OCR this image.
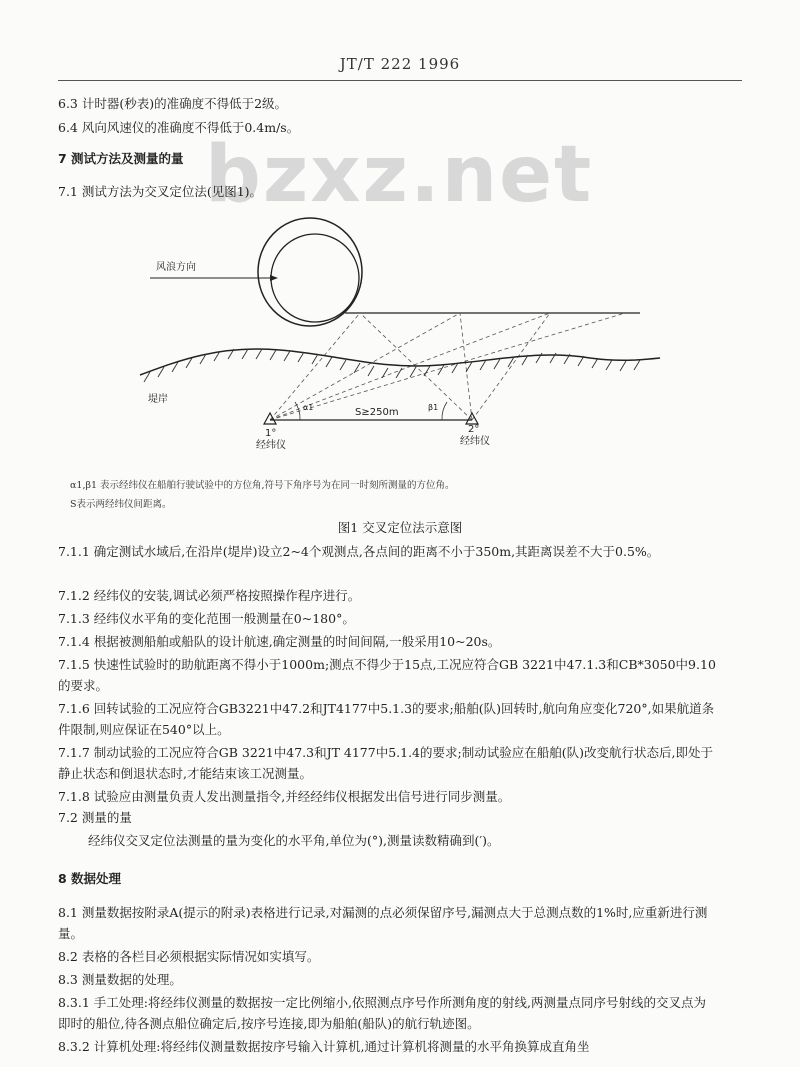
JT/T 222 1996
bzxz.net
6.3 计时器(秒表)的准确度不得低于2级。
6.4 风向风速仪的准确度不得低于0.4m/s。
7 测试方法及测量的量
7.1 测试方法为交叉定位法(见图1)。
风浪方向
堤岸
S≥250m
α1	β1
1°
经纬仪
2°
经纬仪
α1,β1 表示经纬仪在船舶行驶试验中的方位角,符号下角序号为在同一时刻所测量的方位角。
S表示两经纬仪间距离。
图1 交叉定位法示意图
7.1.1 确定测试水域后,在沿岸(堤岸)设立2~4个观测点,各点间的距离不小于350m,其距离误差不大于0.5%。
7.1.2 经纬仪的安装,调试必须严格按照操作程序进行。
7.1.3 经纬仪水平角的变化范围一般测量在0~180°。
7.1.4 根据被测船舶或船队的设计航速,确定测量的时间间隔,一般采用10~20s。
7.1.5 快速性试验时的助航距离不得小于1000m;测点不得少于15点,工况应符合GB 3221中47.1.3和CB*3050中9.10的要求。
7.1.6 回转试验的工况应符合GB3221中47.2和JT4177中5.1.3的要求;船舶(队)回转时,航向角应变化720°,如果航道条件限制,则应保证在540°以上。
7.1.7 制动试验的工况应符合GB 3221中47.3和JT 4177中5.1.4的要求;制动试验应在船舶(队)改变航行状态后,即处于静止状态和倒退状态时,才能结束该工况测量。
7.1.8 试验应由测量负责人发出测量指令,并经经纬仪根据发出信号进行同步测量。
7.2 测量的量
经纬仪交叉定位法测量的量为变化的水平角,单位为(°),测量读数精确到(′)。
8 数据处理
8.1 测量数据按附录A(提示的附录)表格进行记录,对漏测的点必须保留序号,漏测点大于总测点数的1%时,应重新进行测量。
8.2 表格的各栏目必须根据实际情况如实填写。
8.3 测量数据的处理。
8.3.1 手工处理:将经纬仪测量的数据按一定比例缩小,依照测点序号作所测角度的射线,两测量点同序号射线的交叉点为即时的船位,待各测点船位确定后,按序号连接,即为船舶(船队)的航行轨迹图。
8.3.2 计算机处理:将经纬仪测量数据按序号输入计算机,通过计算机将测量的水平角换算成直角坐
